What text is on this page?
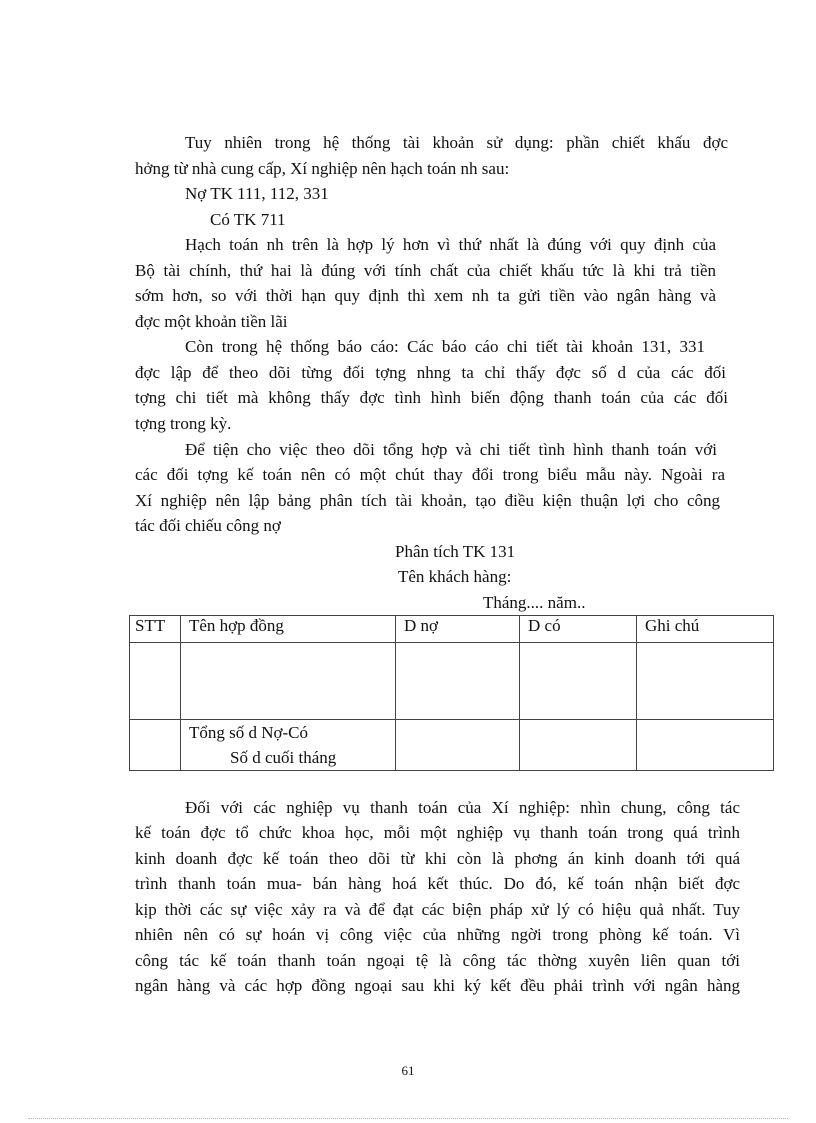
Tuy nhiên trong hệ thống tài khoản sử dụng: phần chiết khấu đợc
hởng từ nhà cung cấp, Xí nghiệp nên hạch toán nh sau:
Nợ TK 111, 112, 331
Có TK 711
Hạch toán nh trên là hợp lý hơn vì thứ nhất là đúng với quy định của
Bộ tài chính, thứ hai là đúng với tính chất của chiết khấu tức là khi trả tiền
sớm hơn, so với thời hạn quy định thì xem nh ta gửi tiền vào ngân hàng và
đợc một khoản tiền lãi
Còn trong hệ thống báo cáo: Các báo cáo chi tiết tài khoản 131, 331
đợc lập để theo dõi từng đối tợng nhng ta chỉ thấy đợc số d của các đối
tợng chi tiết mà không thấy đợc tình hình biến động thanh toán của các đối
tợng trong kỳ.
Để tiện cho việc theo dõi tổng hợp và chi tiết tình hình thanh toán với
các đối tợng kế toán nên có một chút thay đổi trong biểu mẫu này. Ngoài ra
Xí nghiệp nên lập bảng phân tích tài khoản, tạo điều kiện thuận lợi cho công
tác đối chiếu công nợ
Phân tích TK 131
Tên khách hàng:
Tháng.... năm..
STT	Tên hợp đồng	D nợ	D có	Ghi chú

	Tổng số d Nợ-Có
Số d cuối tháng			

Đối với các nghiệp vụ thanh toán của Xí nghiệp: nhìn chung, công tác
kế toán đợc tổ chức khoa học, mỗi một nghiệp vụ thanh toán trong quá trình
kinh doanh đợc kế toán theo dõi từ khi còn là phơng án kinh doanh tới quá
trình thanh toán mua- bán hàng hoá kết thúc. Do đó, kế toán nhận biết đợc
kịp thời các sự việc xảy ra và để đạt các biện pháp xử lý có hiệu quả nhất. Tuy
nhiên nên có sự hoán vị công việc của những ngời trong phòng kế toán. Vì
công tác kế toán thanh toán ngoại tệ là công tác thờng xuyên liên quan tới
ngân hàng và các hợp đồng ngoại sau khi ký kết đều phải trình với ngân hàng
61
